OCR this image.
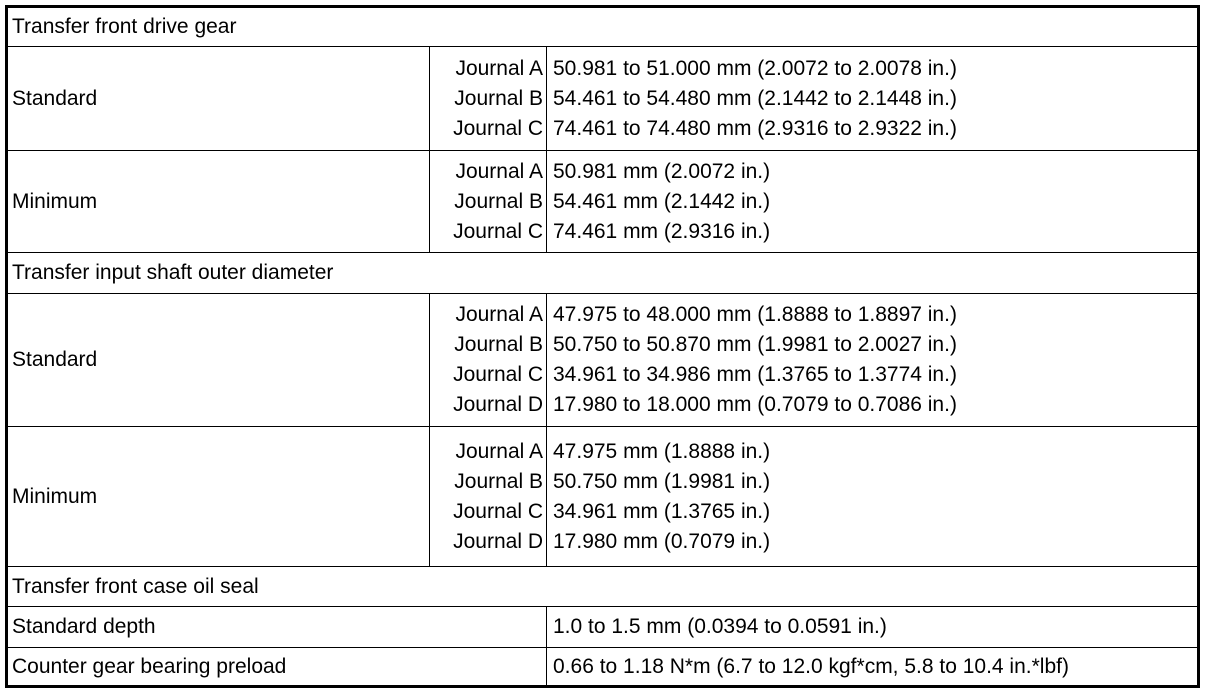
Transfer front drive gear
Standard
Journal A
Journal B
Journal C
50.981 to 51.000 mm (2.0072 to 2.0078 in.)
54.461 to 54.480 mm (2.1442 to 2.1448 in.)
74.461 to 74.480 mm (2.9316 to 2.9322 in.)
Minimum
Journal A
Journal B
Journal C
50.981 mm (2.0072 in.)
54.461 mm (2.1442 in.)
74.461 mm (2.9316 in.)
Transfer input shaft outer diameter
Standard
Journal A
Journal B
Journal C
Journal D
47.975 to 48.000 mm (1.8888 to 1.8897 in.)
50.750 to 50.870 mm (1.9981 to 2.0027 in.)
34.961 to 34.986 mm (1.3765 to 1.3774 in.)
17.980 to 18.000 mm (0.7079 to 0.7086 in.)
Minimum
Journal A
Journal B
Journal C
Journal D
47.975 mm (1.8888 in.)
50.750 mm (1.9981 in.)
34.961 mm (1.3765 in.)
17.980 mm (0.7079 in.)
Transfer front case oil seal
Standard depth	1.0 to 1.5 mm (0.0394 to 0.0591 in.)
Counter gear bearing preload	0.66 to 1.18 N*m (6.7 to 12.0 kgf*cm, 5.8 to 10.4 in.*lbf)
